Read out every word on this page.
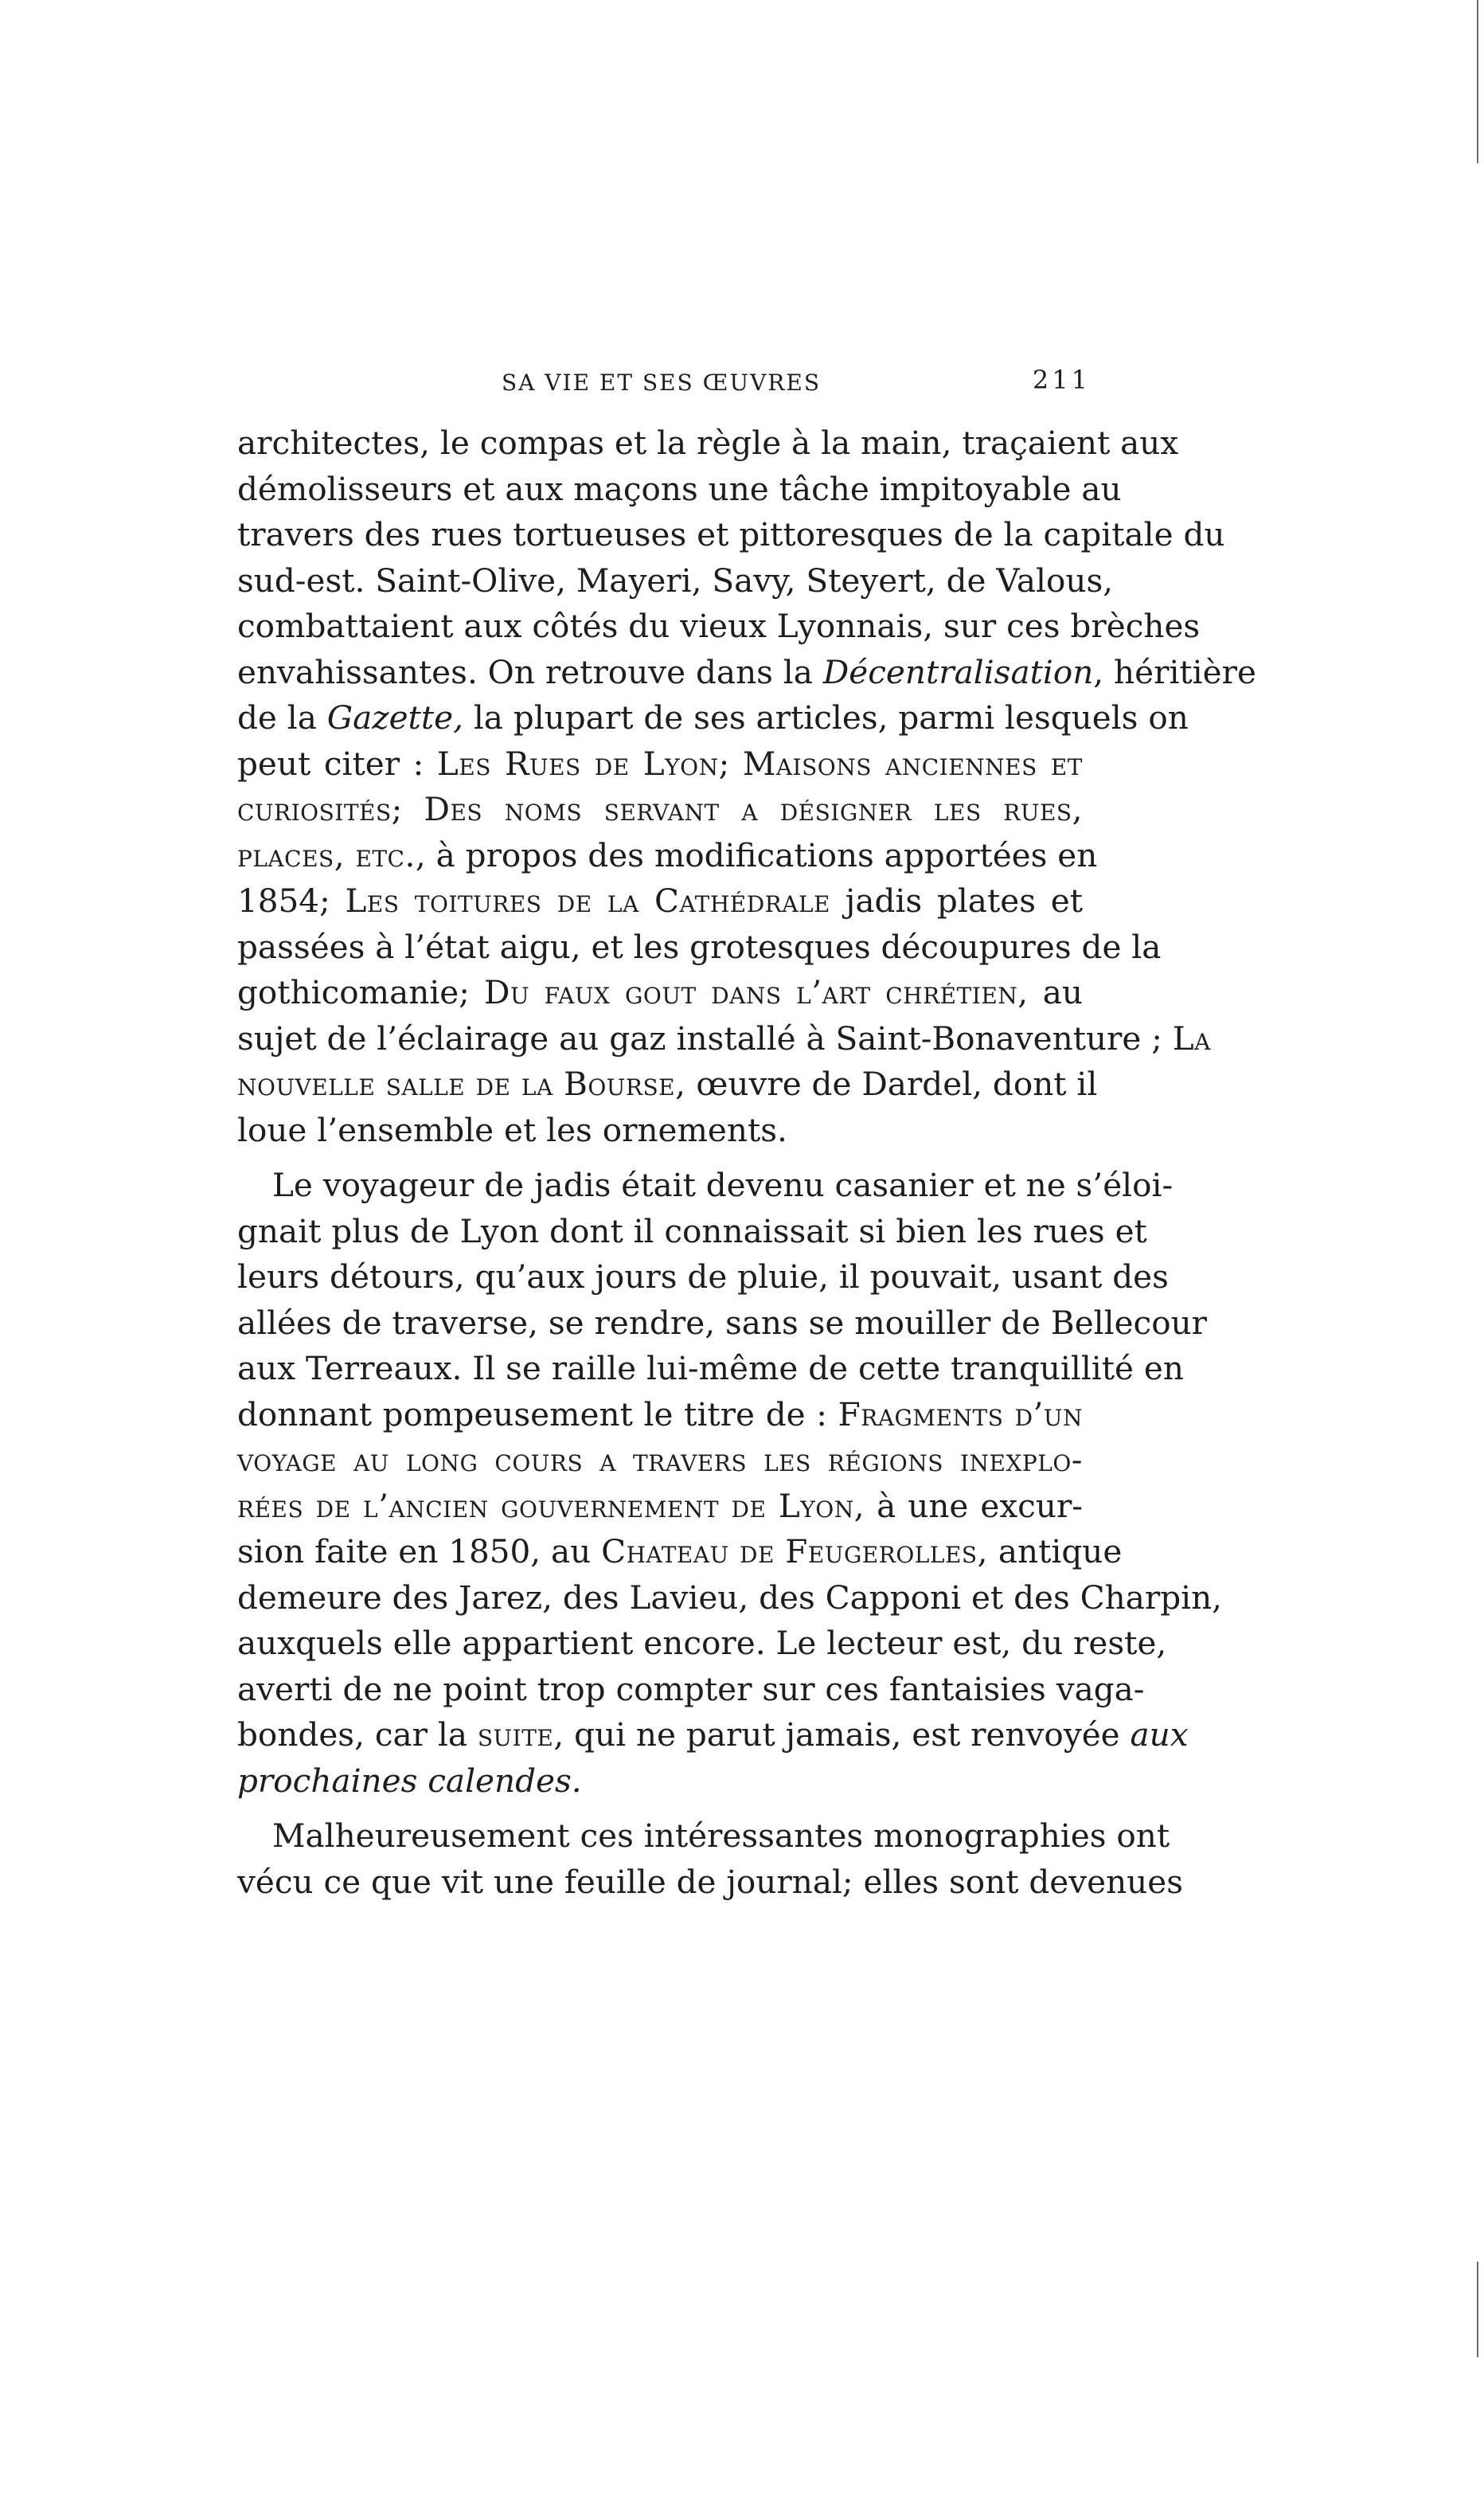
SA VIE ET SES ŒUVRES	211
architectes, le compas et la règle à la main, traçaient aux
démolisseurs et aux maçons une tâche impitoyable au
travers des rues tortueuses et pittoresques de la capitale du
sud-est. Saint-Olive, Mayeri, Savy, Steyert, de Valous,
combattaient aux côtés du vieux Lyonnais, sur ces brèches
envahissantes. On retrouve dans la Décentralisation, héritière
de la Gazette, la plupart de ses articles, parmi lesquels on
peut citer : Les Rues de Lyon; Maisons anciennes et
curiosités; Des noms servant a désigner les rues,
places, etc., à propos des modifications apportées en
1854; Les toitures de la Cathédrale jadis plates et
passées à l’état aigu, et les grotesques découpures de la
gothicomanie; Du faux gout dans l’art chrétien, au
sujet de l’éclairage au gaz installé à Saint-Bonaventure ; La
nouvelle salle de la Bourse, œuvre de Dardel, dont il
loue l’ensemble et les ornements.
Le voyageur de jadis était devenu casanier et ne s’éloi-
gnait plus de Lyon dont il connaissait si bien les rues et
leurs détours, qu’aux jours de pluie, il pouvait, usant des
allées de traverse, se rendre, sans se mouiller de Bellecour
aux Terreaux. Il se raille lui-même de cette tranquillité en
donnant pompeusement le titre de : Fragments d’un
voyage au long cours a travers les régions inexplo-
rées de l’ancien gouvernement de Lyon, à une excur-
sion faite en 1850, au Chateau de Feugerolles, antique
demeure des Jarez, des Lavieu, des Capponi et des Charpin,
auxquels elle appartient encore. Le lecteur est, du reste,
averti de ne point trop compter sur ces fantaisies vaga-
bondes, car la suite, qui ne parut jamais, est renvoyée aux
prochaines calendes.
Malheureusement ces intéressantes monographies ont
vécu ce que vit une feuille de journal; elles sont devenues
